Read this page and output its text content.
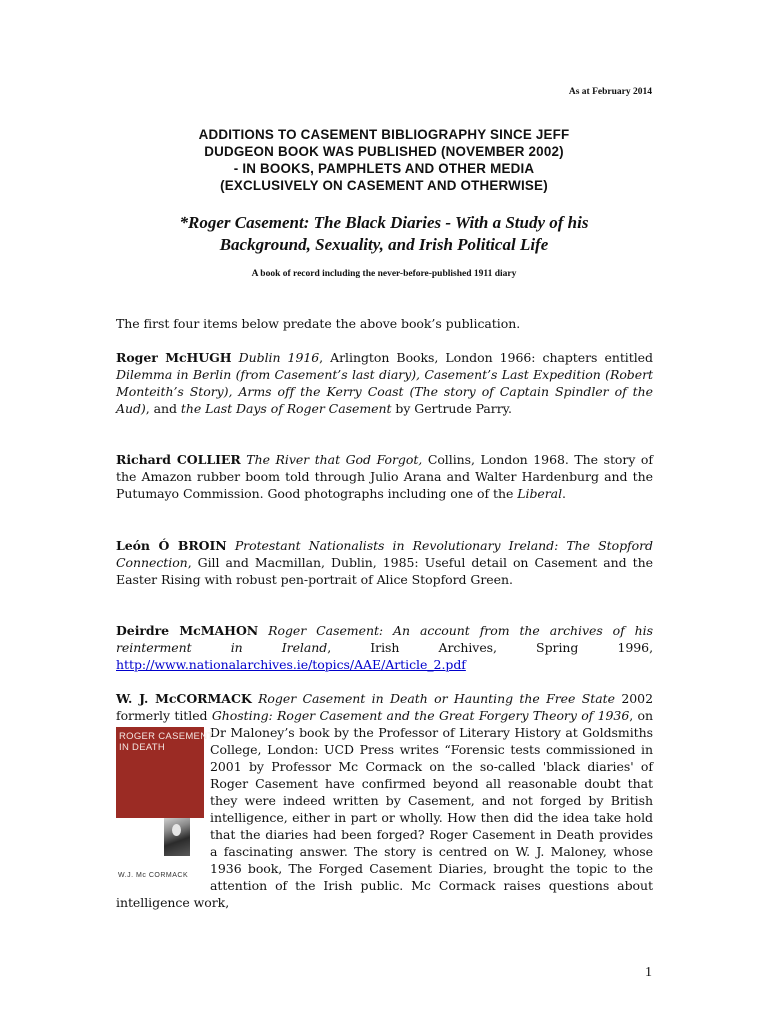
As at February 2014
ADDITIONS TO CASEMENT BIBLIOGRAPHY SINCE JEFF
DUDGEON BOOK WAS PUBLISHED (NOVEMBER 2002)
- IN BOOKS, PAMPHLETS AND OTHER MEDIA
(EXCLUSIVELY ON CASEMENT AND OTHERWISE)
*Roger Casement: The Black Diaries - With a Study of his
Background, Sexuality, and Irish Political Life
A book of record including the never-before-published 1911 diary

The first four items below predate the above book’s publication.

Roger McHUGH Dublin 1916, Arlington Books, London 1966: chapters entitled Dilemma in Berlin (from Casement’s last diary), Casement’s Last Expedition (Robert Monteith’s Story), Arms off the Kerry Coast (The story of Captain Spindler of the Aud), and the Last Days of Roger Casement by Gertrude Parry.

Richard COLLIER The River that God Forgot, Collins, London 1968. The story of the Amazon rubber boom told through Julio Arana and Walter Hardenburg and the Putumayo Commission. Good photographs including one of the Liberal.

León Ó BROIN Protestant Nationalists in Revolutionary Ireland: The Stopford Connection, Gill and Macmillan, Dublin, 1985: Useful detail on Casement and the Easter Rising with robust pen-portrait of Alice Stopford Green.

Deirdre McMAHON Roger Casement: An account from the archives of his reinterment in Ireland, Irish Archives, Spring 1996, http://www.nationalarchives.ie/topics/AAE/Article_2.pdf

W. J. McCORMACK Roger Casement in Death or Haunting the Free State 2002 formerly titled Ghosting: Roger Casement and the Great Forgery Theory of 1936
ROGER CASEMENT
IN DEATH
W.J. Mc CORMACK
, on Dr Maloney’s book by the Professor of Literary History at Goldsmiths College, London: UCD Press writes “Forensic tests commissioned in 2001 by Professor Mc Cormack on the so-called 'black diaries' of Roger Casement have confirmed beyond all reasonable doubt that they were indeed written by Casement, and not forged by British intelligence, either in part or wholly. How then did the idea take hold that the diaries had been forged? Roger Casement in Death provides a fascinating answer. The story is centred on W. J. Maloney, whose 1936 book, The Forged Casement Diaries, brought the topic to the attention of the Irish public. Mc Cormack raises questions about intelligence work,

1
